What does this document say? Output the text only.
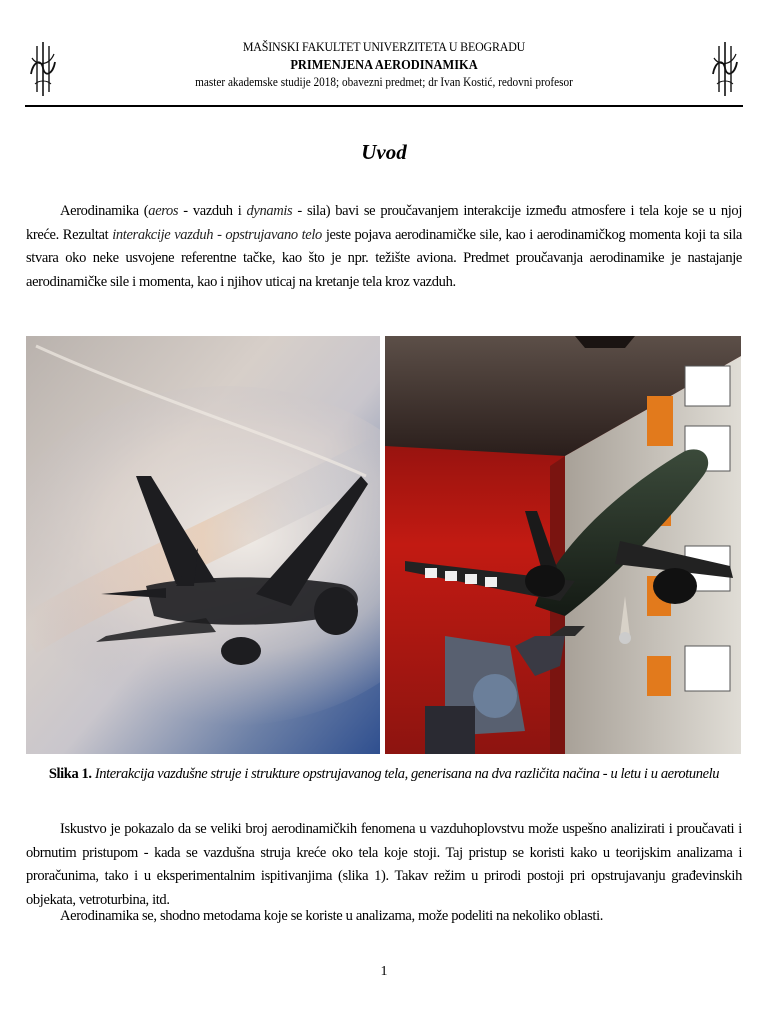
MAŠINSKI FAKULTET UNIVERZITETA U BEOGRADU
PRIMENJENA AERODINAMIKA
master akademske studije 2018; obavezni predmet; dr Ivan Kostić, redovni profesor
Uvod

Aerodinamika (aeros - vazduh i dynamis - sila) bavi se proučavanjem interakcije između atmosfere i tela koje se u njoj kreće. Rezultat interakcije vazduh - opstrujavano telo jeste pojava aerodinamičke sile, kao i aerodinamičkog momenta koji ta sila stvara oko neke usvojene referentne tačke, kao što je npr. težište aviona. Predmet proučavanja aerodinamike je nastajanje aerodinamičke sile i momenta, kao i njihov uticaj na kretanje tela kroz vazduh.

Slika 1. Interakcija vazdušne struje i strukture opstrujavanog tela, generisana na dva različita načina - u letu i u aerotunelu

Iskustvo je pokazalo da se veliki broj aerodinamičkih fenomena u vazduhoplovstvu može uspešno analizirati i proučavati i obrnutim pristupom - kada se vazdušna struja kreće oko tela koje stoji. Taj pristup se koristi kako u teorijskim analizama i proračunima, tako i u eksperimentalnim ispitivanjima (slika 1). Takav režim u prirodi postoji pri opstrujavanju građevinskih objekata, vetroturbina, itd.

Aerodinamika se, shodno metodama koje se koriste u analizama, može podeliti na nekoliko oblasti.

1
